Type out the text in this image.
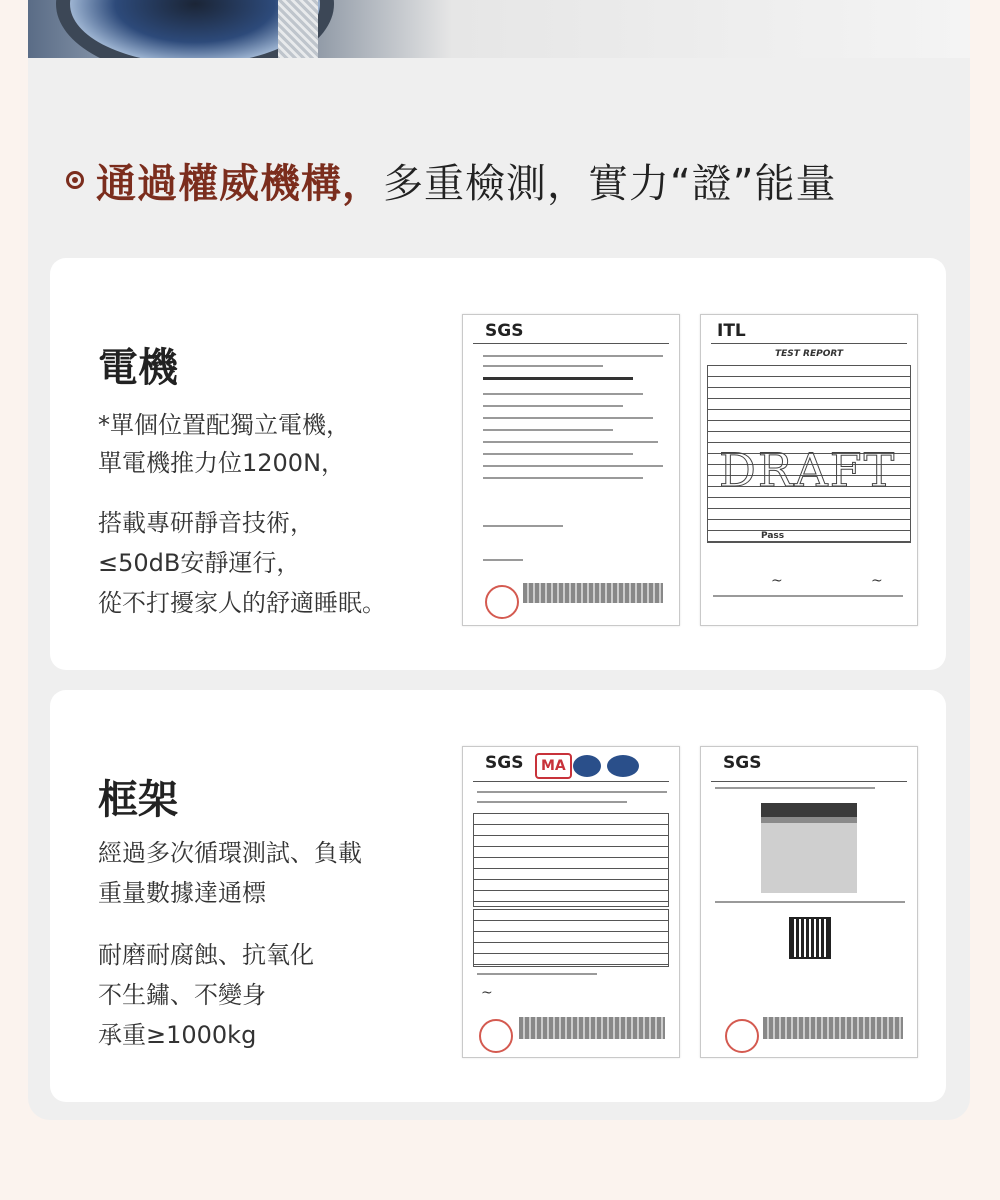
通過權威機構， 多重檢測，實力“證”能量
電機

*單個位置配獨立電機，

單電機推力位1200N，

搭載專研靜音技術，

≤50dB安靜運行，

從不打擾家人的舒適睡眠。

SGS	ITL
TEST REPORT
DRAFT
Pass
~	~
框架

經過多次循環測試、負載

重量數據達通標

耐磨耐腐蝕、抗氧化

不生鏽、不變身

承重≥1000kg

SGS	MA
~
SGS
